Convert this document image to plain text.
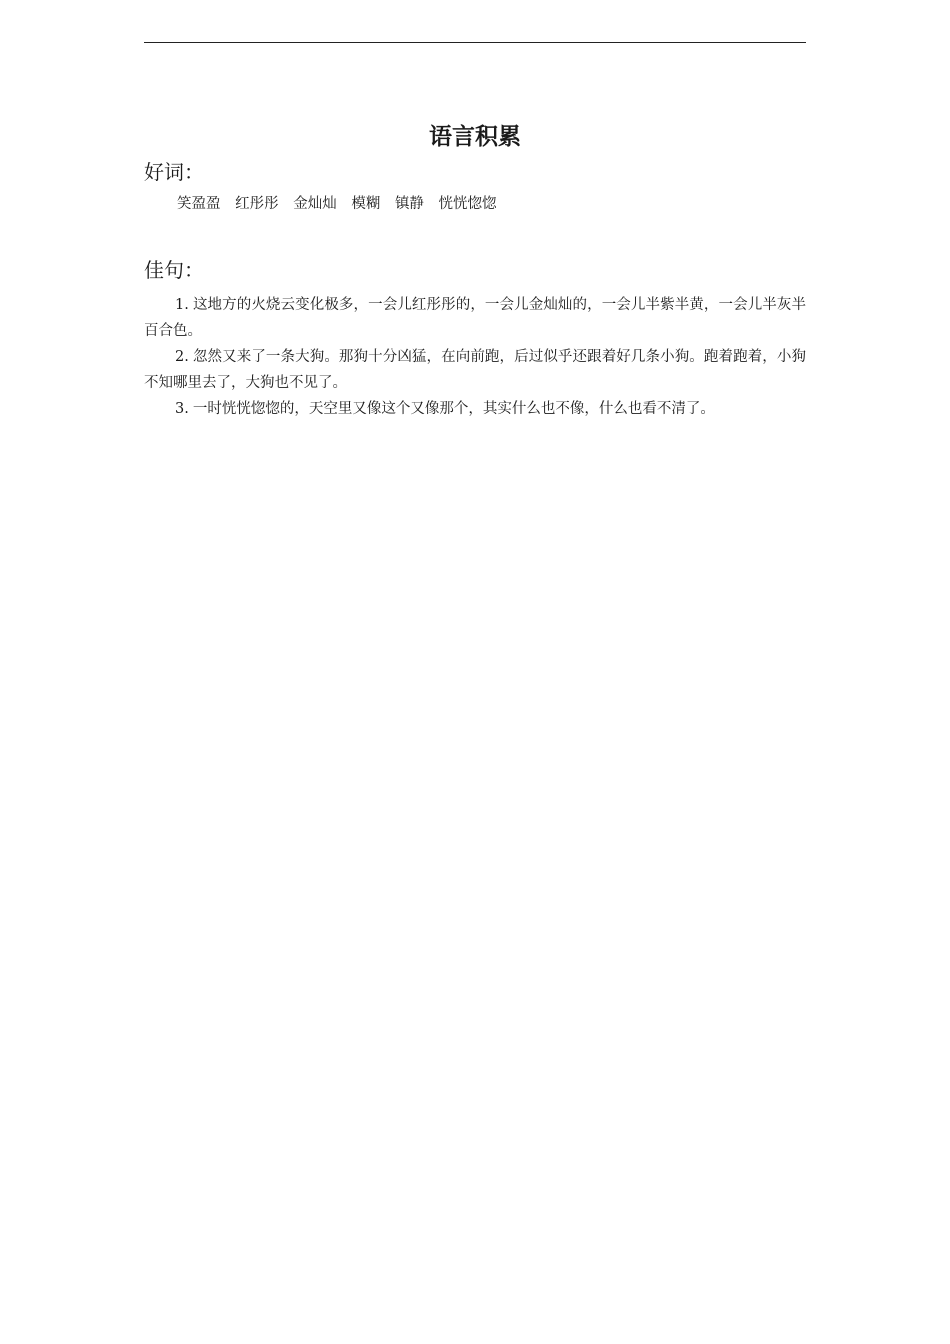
语言积累
好词：
笑盈盈 红彤彤 金灿灿 模糊 镇静 恍恍惚惚
佳句：
1. 这地方的火烧云变化极多，一会儿红彤彤的，一会儿金灿灿的，一会儿半紫半黄，一会儿半灰半百合色。
2. 忽然又来了一条大狗。那狗十分凶猛，在向前跑，后过似乎还跟着好几条小狗。跑着跑着，小狗不知哪里去了，大狗也不见了。
3. 一时恍恍惚惚的，天空里又像这个又像那个，其实什么也不像，什么也看不清了。
